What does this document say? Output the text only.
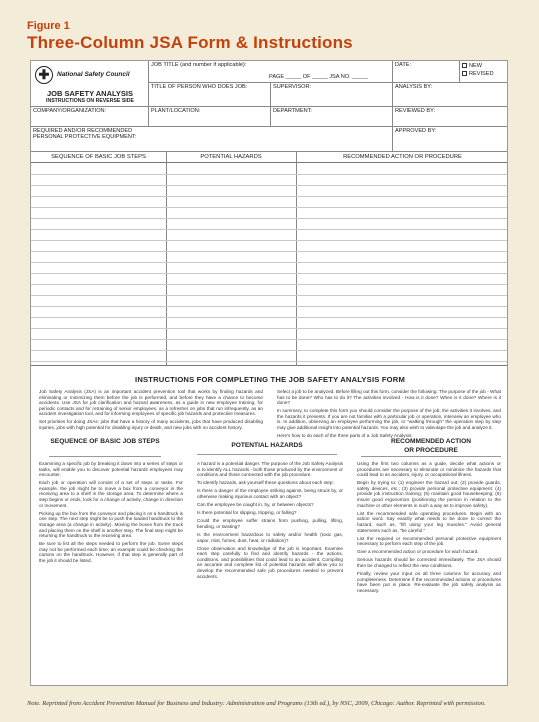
Figure 1
Three-Column JSA Form & Instructions
✚	National Safety Council
JOB SAFETY ANALYSIS
INSTRUCTIONS ON REVERSE SIDE
JOB TITLE (and number if applicable):
PAGE _____ OF _____ JSA NO. _____
DATE:	NEW
REVISED
TITLE OF PERSON WHO DOES JOB:	SUPERVISOR:	ANALYSIS BY:
COMPANY/ORGANIZATION:	PLANT/LOCATION:	DEPARTMENT:	REVIEWED BY:
REQUIRED AND/OR RECOMMENDED PERSONAL PROTECTIVE EQUIPMENT:
APPROVED BY:
SEQUENCE OF BASIC JOB STEPS	POTENTIAL HAZARDS	RECOMMENDED ACTION OR PROCEDURE
INSTRUCTIONS FOR COMPLETING THE JOB SAFETY ANALYSIS FORM

Job Safety Analysis (JSA) is an important accident prevention tool that works by finding hazards and eliminating or minimizing them before the job is performed, and before they have a chance to become accidents. Use JSA for job clarification and hazard awareness, as a guide in new employee training, for periodic contacts and for retraining of senior employees, as a refresher on jobs that run infrequently, as an accident investigation tool, and for informing employees of specific job hazards and protective measures.

Set priorities for doing JSAs: jobs that have a history of many accidents, jobs that have produced disabling injuries, jobs with high potential for disabling injury or death, and new jobs with no accident history.

Select a job to be analyzed. Before filling out this form, consider the following: The purpose of the job - What has to be done? Who has to do it? The activities involved - How is it done? When is it done? Where is it done?

In summary, to complete this form you should consider the purpose of the job, the activities it involves, and the hazards it presents. If you are not familiar with a particular job or operation, interview an employee who is. In addition, observing an employee performing the job, or "walking through" the operation step by step may give additional insight into potential hazards. You may also wish to videotape the job and analyze it.

Here's how to do each of the three parts of a Job Safety Analysis:

SEQUENCE OF BASIC JOB STEPS
POTENTIAL HAZARDS
RECOMMENDED ACTION
OR PROCEDURE

Examining a specific job by breaking it down into a series of steps or tasks, will enable you to discover potential hazards employees may encounter.

Each job or operation will consist of a set of steps or tasks. For example, the job might be to move a box from a conveyor in the receiving area to a shelf in the storage area. To determine where a step begins or ends, look for a change of activity, change in direction or movement.

Picking up the box from the conveyor and placing it on a handtruck is one step. The next step might be to push the loaded handtruck to the storage area (a change in activity). Moving the boxes from the truck and placing them on the shelf is another step. The final step might be returning the handtruck to the receiving area.

Be sure to list all the steps needed to perform the job. Some steps may not be performed each time; an example could be checking the cartons on the handtruck. However, if that step is generally part of the job it should be listed.

A hazard is a potential danger. The purpose of the Job Safety Analysis is to identify ALL hazards - both those produced by the environment or conditions and those connected with the job procedure.

To identify hazards, ask yourself these questions about each step:

Is there a danger of the employee striking against, being struck by, or otherwise making injurious contact with an object?

Can the employee be caught in, by, or between objects?

Is there potential for slipping, tripping, or falling?

Could the employee suffer strains from pushing, pulling, lifting, bending, or twisting?

Is the environment hazardous to safety and/or health (toxic gas, vapor, mist, fumes, dust, heat, or radiation)?

Close observation and knowledge of the job is important. Examine each step carefully to find and identify hazards - the actions, conditions, and possibilities that could lead to an accident. Compiling an accurate and complete list of potential hazards will allow you to develop the recommended safe job procedures needed to prevent accidents.

Using the first two columns as a guide, decide what actions or procedures are necessary to eliminate or minimize the hazards that could lead to an accident, injury, or occupational illness.

Begin by trying to: (1) engineer the hazard out; (2) provide guards, safety devices, etc.; (3) provide personal protective equipment; (4) provide job instruction training; (5) maintain good housekeeping; (6) insure good ergonomics (positioning the person in relation to the machine or other elements in such a way as to improve safety).

List the recommended safe operating procedures. Begin with an action word. Say exactly what needs to be done to correct the hazard, such as, "lift using your leg muscles." Avoid general statements such as, "be careful."

List the required or recommended personal protective equipment necessary to perform each step of the job.

Give a recommended action or procedure for each hazard.

Serious hazards should be corrected immediately. The JSA should then be changed to reflect the new conditions.

Finally, review your input on all three columns for accuracy and completeness. Determine if the recommended actions or procedures have been put in place. Re-evaluate the job safety analysis as necessary.

Note. Reprinted from Accident Prevention Manual for Business and Industry: Administration and Programs (13th ed.), by NSC, 2009, Chicago: Author. Reprinted with permission.
